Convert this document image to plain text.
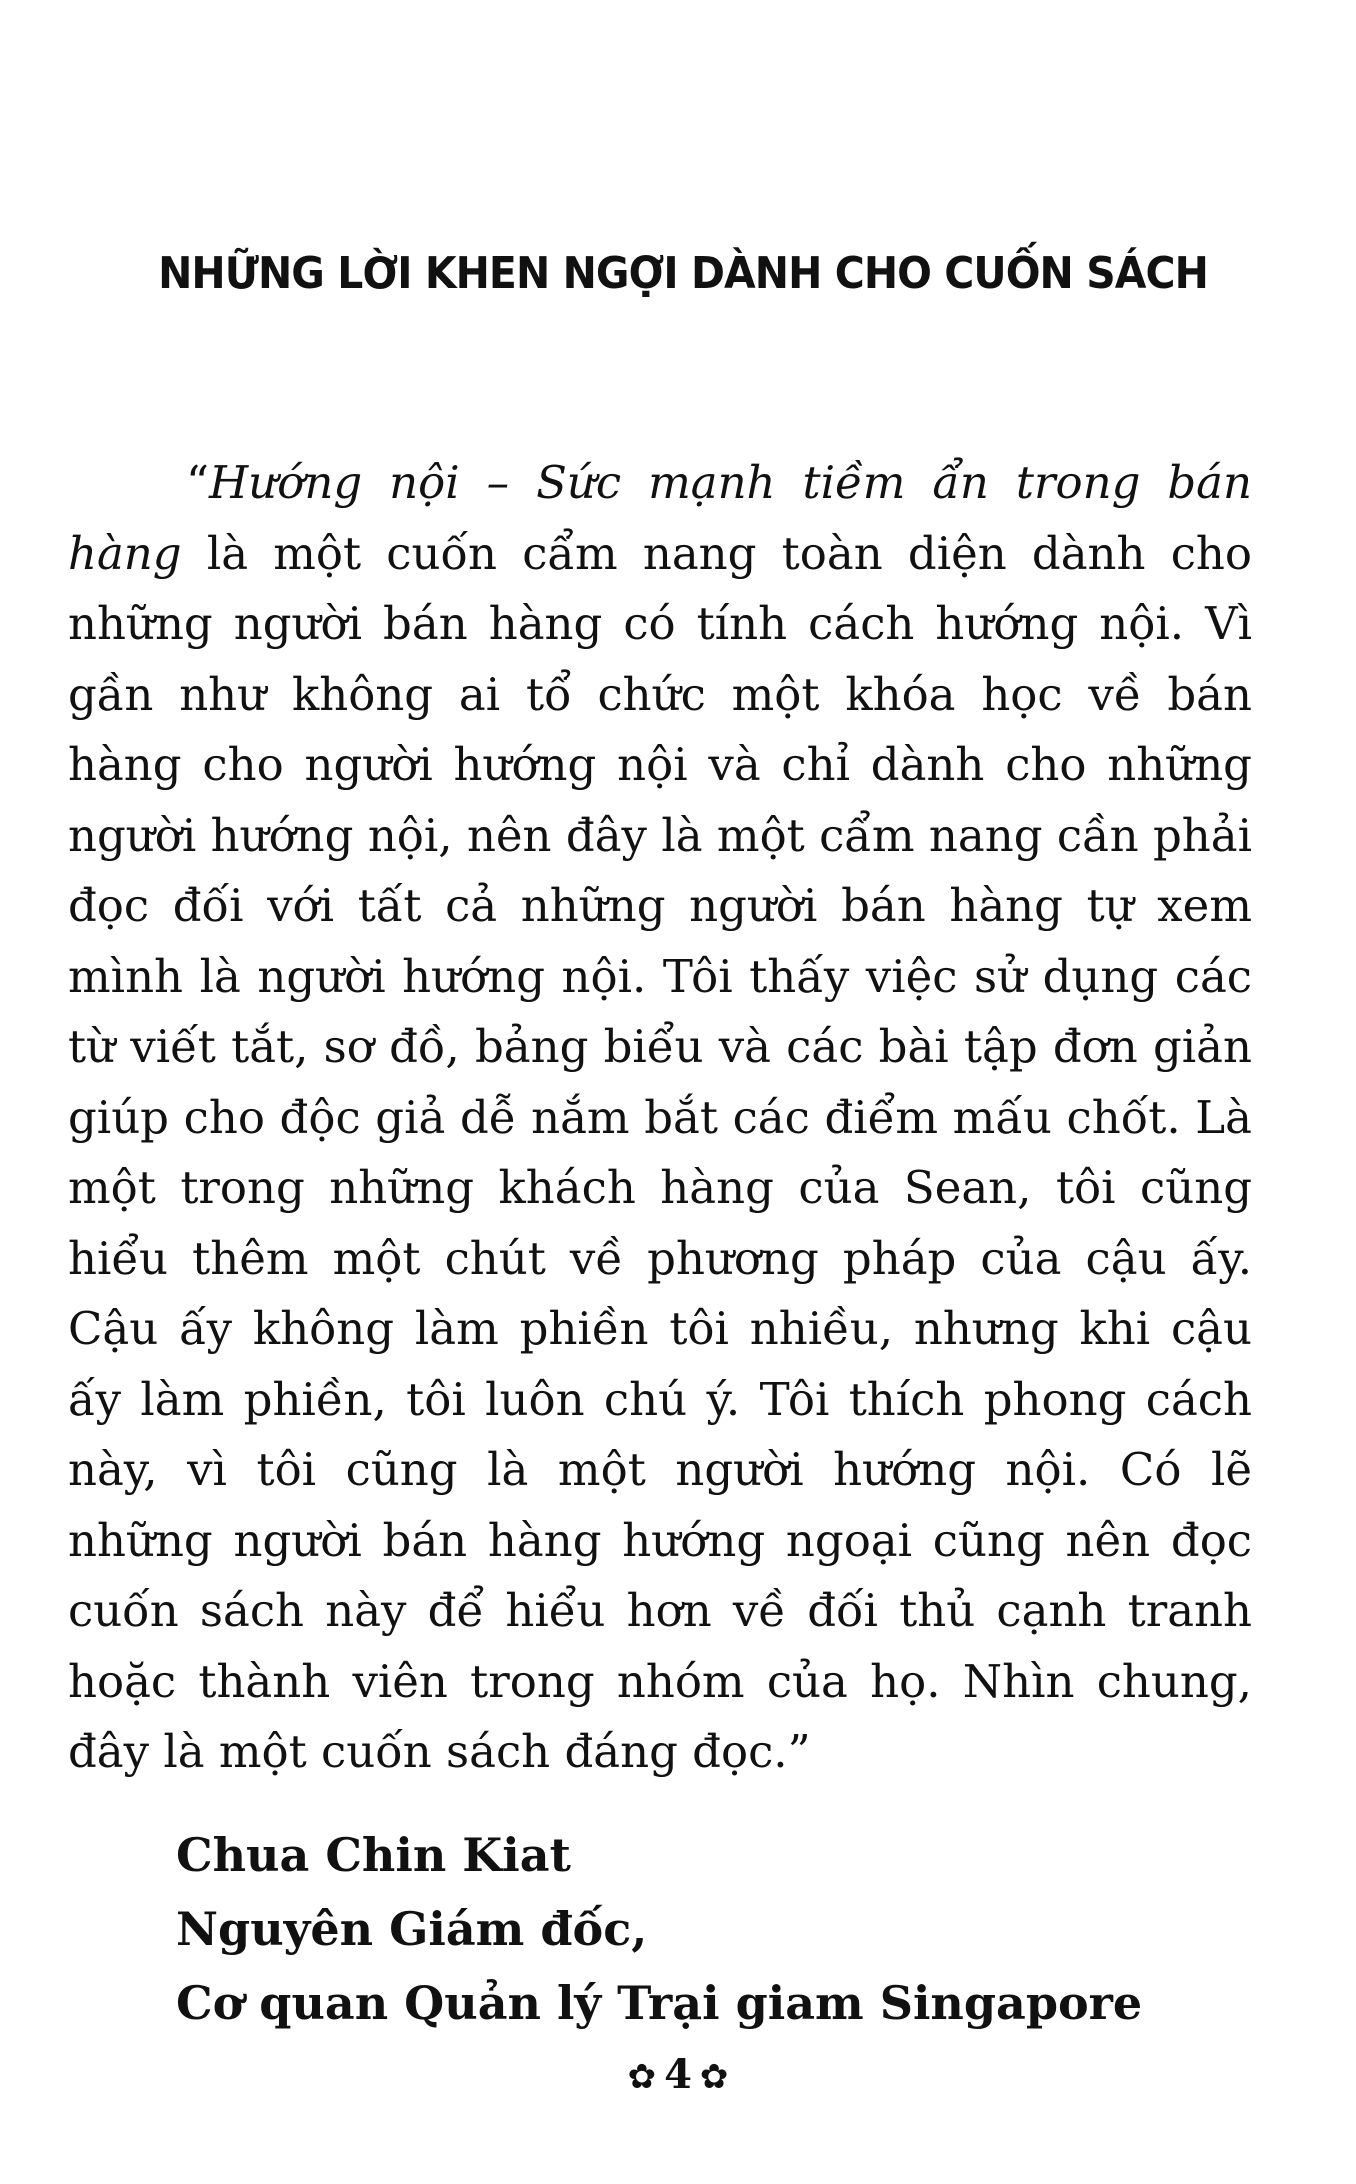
NHỮNG LỜI KHEN NGỢI DÀNH CHO CUỐN SÁCH

“Hướng nội – Sức mạnh tiềm ẩn trong bán hàng là một cuốn cẩm nang toàn diện dành cho những người bán hàng có tính cách hướng nội. Vì gần như không ai tổ chức một khóa học về bán hàng cho người hướng nội và chỉ dành cho những người hướng nội, nên đây là một cẩm nang cần phải đọc đối với tất cả những người bán hàng tự xem mình là người hướng nội. Tôi thấy việc sử dụng các từ viết tắt, sơ đồ, bảng biểu và các bài tập đơn giản giúp cho độc giả dễ nắm bắt các điểm mấu chốt. Là một trong những khách hàng của Sean, tôi cũng hiểu thêm một chút về phương pháp của cậu ấy. Cậu ấy không làm phiền tôi nhiều, nhưng khi cậu ấy làm phiền, tôi luôn chú ý. Tôi thích phong cách này, vì tôi cũng là một người hướng nội. Có lẽ những người bán hàng hướng ngoại cũng nên đọc cuốn sách này để hiểu hơn về đối thủ cạnh tranh hoặc thành viên trong nhóm của họ. Nhìn chung, đây là một cuốn sách đáng đọc.”

Chua Chin Kiat
Nguyên Giám đốc,
Cơ quan Quản lý Trại giam Singapore
✿ 4 ✿
